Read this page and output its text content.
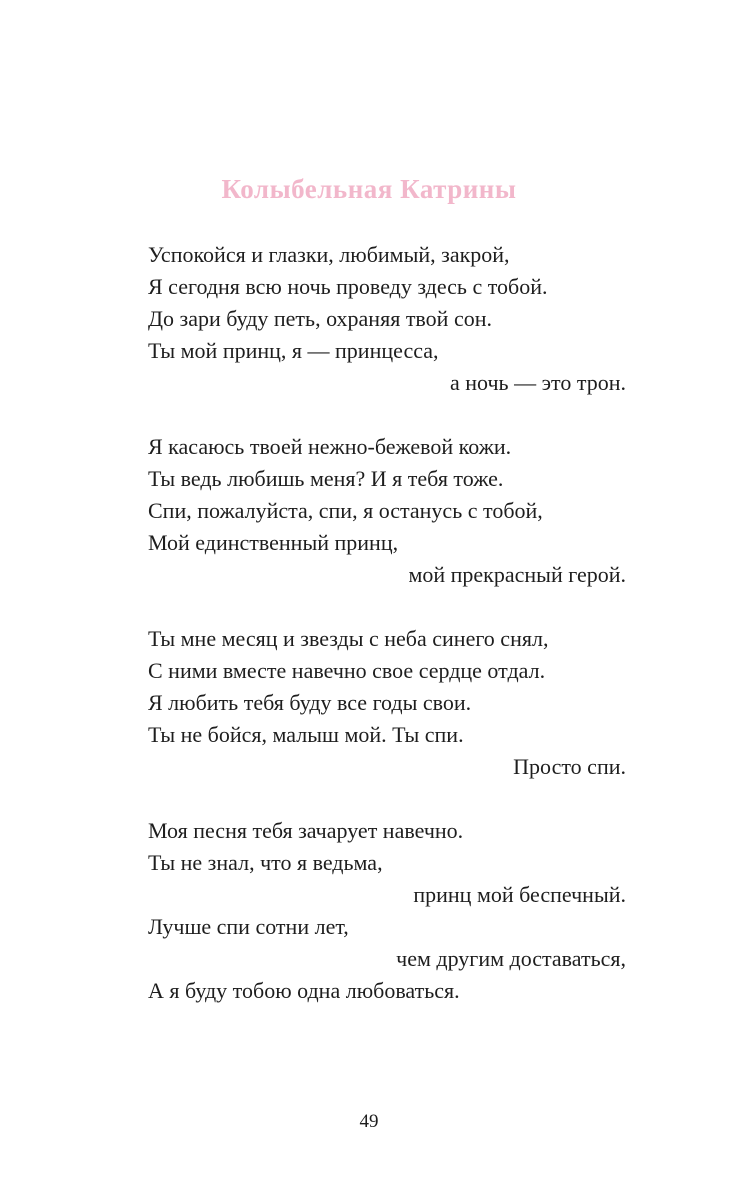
Колыбельная Катрины
Успокойся и глазки, любимый, закрой,
Я сегодня всю ночь проведу здесь с тобой.
До зари буду петь, охраняя твой сон.
Ты мой принц, я — принцесса,
а ночь — это трон.
Я касаюсь твоей нежно-бежевой кожи.
Ты ведь любишь меня? И я тебя тоже.
Спи, пожалуйста, спи, я останусь с тобой,
Мой единственный принц,
мой прекрасный герой.
Ты мне месяц и звезды с неба синего снял,
С ними вместе навечно свое сердце отдал.
Я любить тебя буду все годы свои.
Ты не бойся, малыш мой. Ты спи.
Просто спи.
Моя песня тебя зачарует навечно.
Ты не знал, что я ведьма,
принц мой беспечный.
Лучше спи сотни лет,
чем другим доставаться,
А я буду тобою одна любоваться.
49
